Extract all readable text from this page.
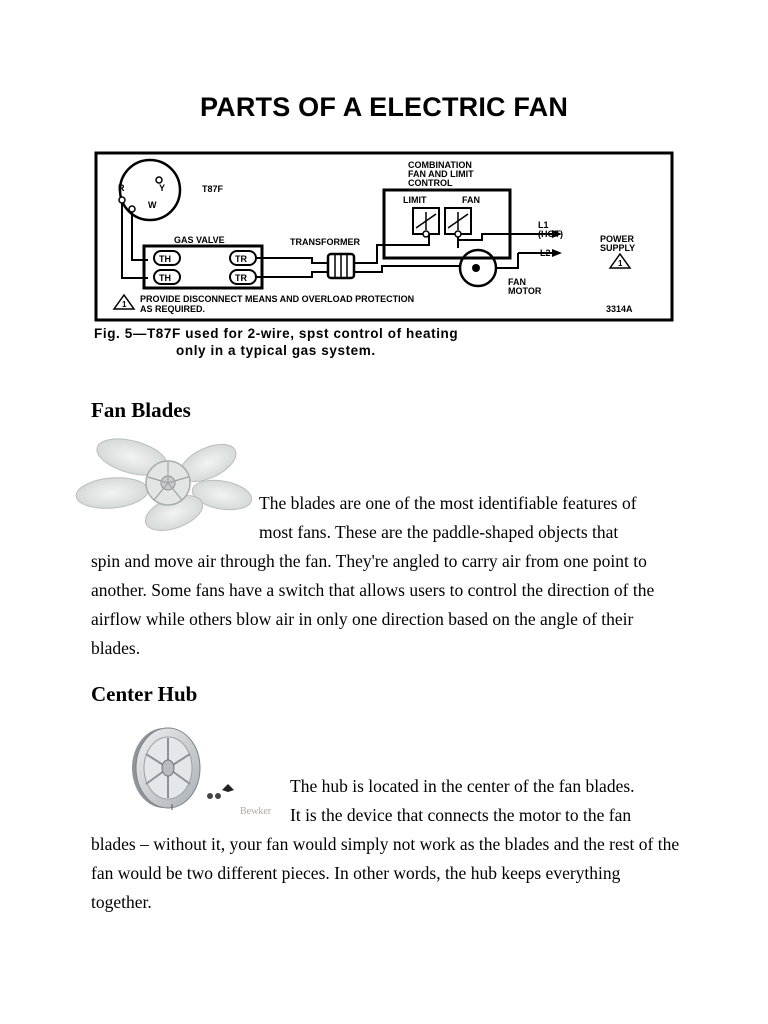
PARTS OF A ELECTRIC FAN
R	Y
W
T87F
GAS VALVE
TH	TR
TH	TR
TRANSFORMER
COMBINATION
FAN AND LIMIT
CONTROL
LIMIT	FAN
FAN
MOTOR
L1
(HOT)
L2
POWER
SUPPLY
1
1
PROVIDE DISCONNECT MEANS AND OVERLOAD PROTECTION
AS REQUIRED.	3314A
Fig. 5—T87F used for 2-wire, spst control of heating
only in a typical gas system.
Fan Blades
The blades are one of the most identifiable features of
most fans. These are the paddle-shaped objects that
spin and move air through the fan. They're angled to carry air from one point to another. Some fans have a switch that allows users to control the direction of the airflow while others blow air in only one direction based on the angle of their blades.
Center Hub
Bewker
The hub is located in the center of the fan blades.
It is the device that connects the motor to the fan
blades – without it, your fan would simply not work as the blades and the rest of the fan would be two different pieces. In other words, the hub keeps everything together.
